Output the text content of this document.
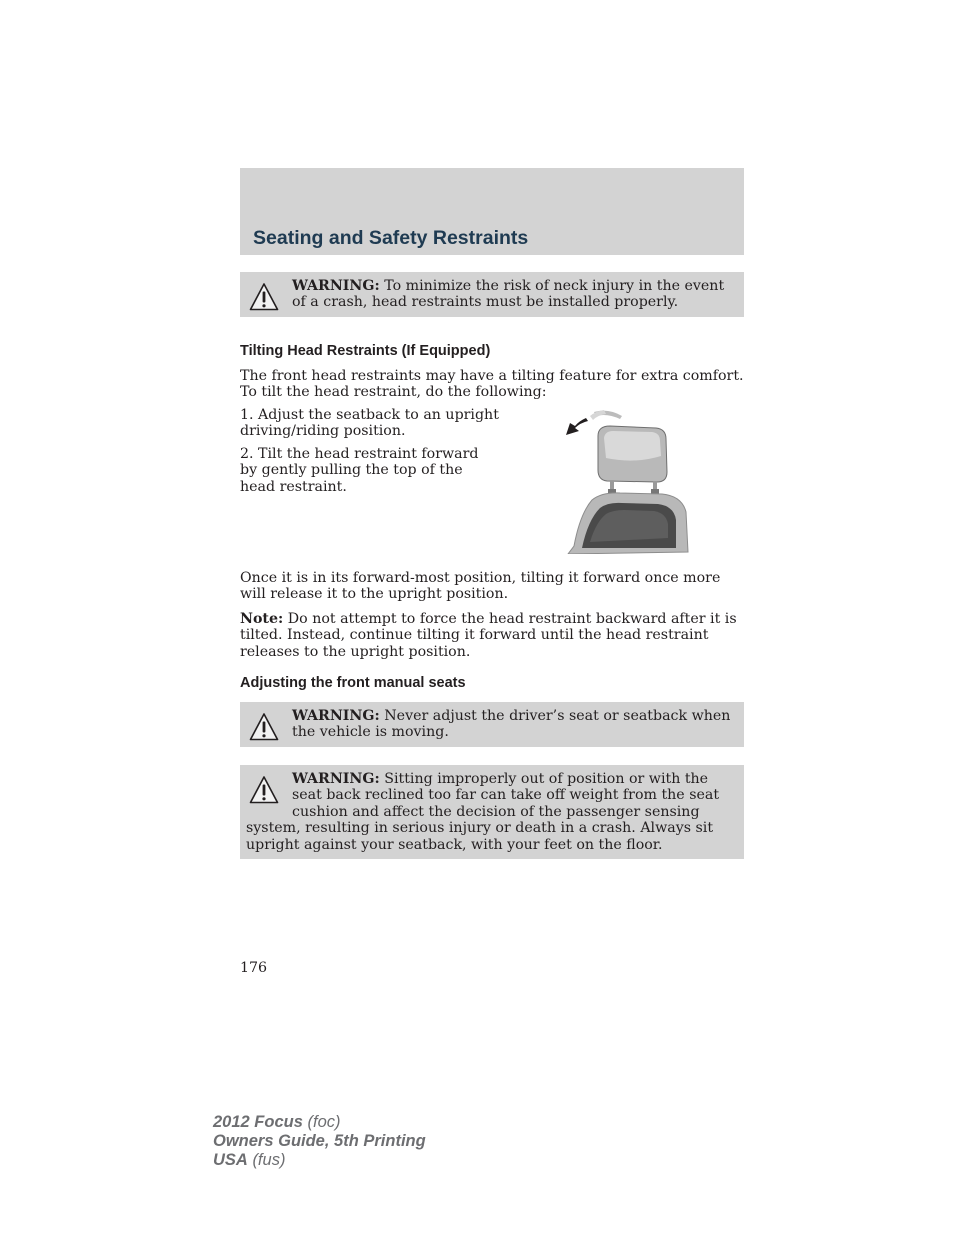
Seating and Safety Restraints
WARNING: To minimize the risk of neck injury in the event of a crash, head restraints must be installed properly.
Tilting Head Restraints (If Equipped)

The front head restraints may have a tilting feature for extra comfort. To tilt the head restraint, do the following:

1. Adjust the seatback to an upright driving/riding position.

2. Tilt the head restraint forward by gently pulling the top of the head restraint.

Once it is in its forward-most position, tilting it forward once more will release it to the upright position.

Note: Do not attempt to force the head restraint backward after it is tilted. Instead, continue tilting it forward until the head restraint releases to the upright position.

Adjusting the front manual seats
WARNING: Never adjust the driver’s seat or seatback when the vehicle is moving.
WARNING: Sitting improperly out of position or with the seat back reclined too far can take off weight from the seat cushion and affect the decision of the passenger sensing system, resulting in serious injury or death in a crash. Always sit upright against your seatback, with your feet on the floor.

176

2012 Focus (foc)
Owners Guide, 5th Printing
USA (fus)
